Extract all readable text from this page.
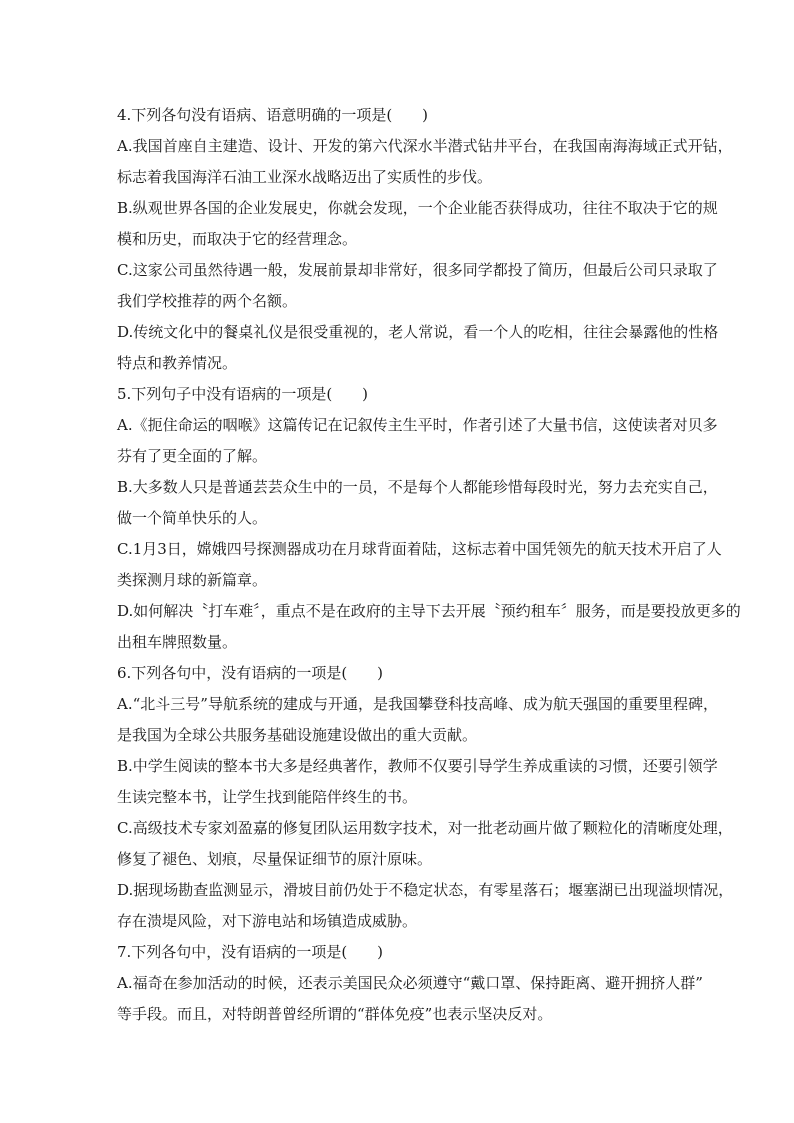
4.下列各句没有语病、语意明确的一项是(　　)
A.我国首座自主建造、设计、开发的第六代深水半潜式钻井平台，在我国南海海域正式开钻，
标志着我国海洋石油工业深水战略迈出了实质性的步伐。
B.纵观世界各国的企业发展史，你就会发现，一个企业能否获得成功，往往不取决于它的规
模和历史，而取决于它的经营理念。
C.这家公司虽然待遇一般，发展前景却非常好，很多同学都投了简历，但最后公司只录取了
我们学校推荐的两个名额。
D.传统文化中的餐桌礼仪是很受重视的，老人常说，看一个人的吃相，往往会暴露他的性格
特点和教养情况。
5.下列句子中没有语病的一项是(　　)
A.《扼住命运的咽喉》这篇传记在记叙传主生平时，作者引述了大量书信，这使读者对贝多
芬有了更全面的了解。
B.大多数人只是普通芸芸众生中的一员，不是每个人都能珍惜每段时光，努力去充实自己，
做一个简单快乐的人。
C.1月3日，嫦娥四号探测器成功在月球背面着陆，这标志着中国凭领先的航天技术开启了人
类探测月球的新篇章。
D.如何解决〝打车难〞，重点不是在政府的主导下去开展〝预约租车〞服务，而是要投放更多的
出租车牌照数量。
6.下列各句中，没有语病的一项是(　　)
A.“北斗三号”导航系统的建成与开通，是我国攀登科技高峰、成为航天强国的重要里程碑，
是我国为全球公共服务基础设施建设做出的重大贡献。
B.中学生阅读的整本书大多是经典著作，教师不仅要引导学生养成重读的习惯，还要引领学
生读完整本书，让学生找到能陪伴终生的书。
C.高级技术专家刘盈嘉的修复团队运用数字技术，对一批老动画片做了颗粒化的清晰度处理，
修复了褪色、划痕，尽量保证细节的原汁原味。
D.据现场勘查监测显示，滑坡目前仍处于不稳定状态，有零星落石；堰塞湖已出现溢坝情况，
存在溃堤风险，对下游电站和场镇造成威胁。
7.下列各句中，没有语病的一项是(　　)
A.福奇在参加活动的时候，还表示美国民众必须遵守“戴口罩、保持距离、避开拥挤人群”
等手段。而且，对特朗普曾经所谓的“群体免疫”也表示坚决反对。
